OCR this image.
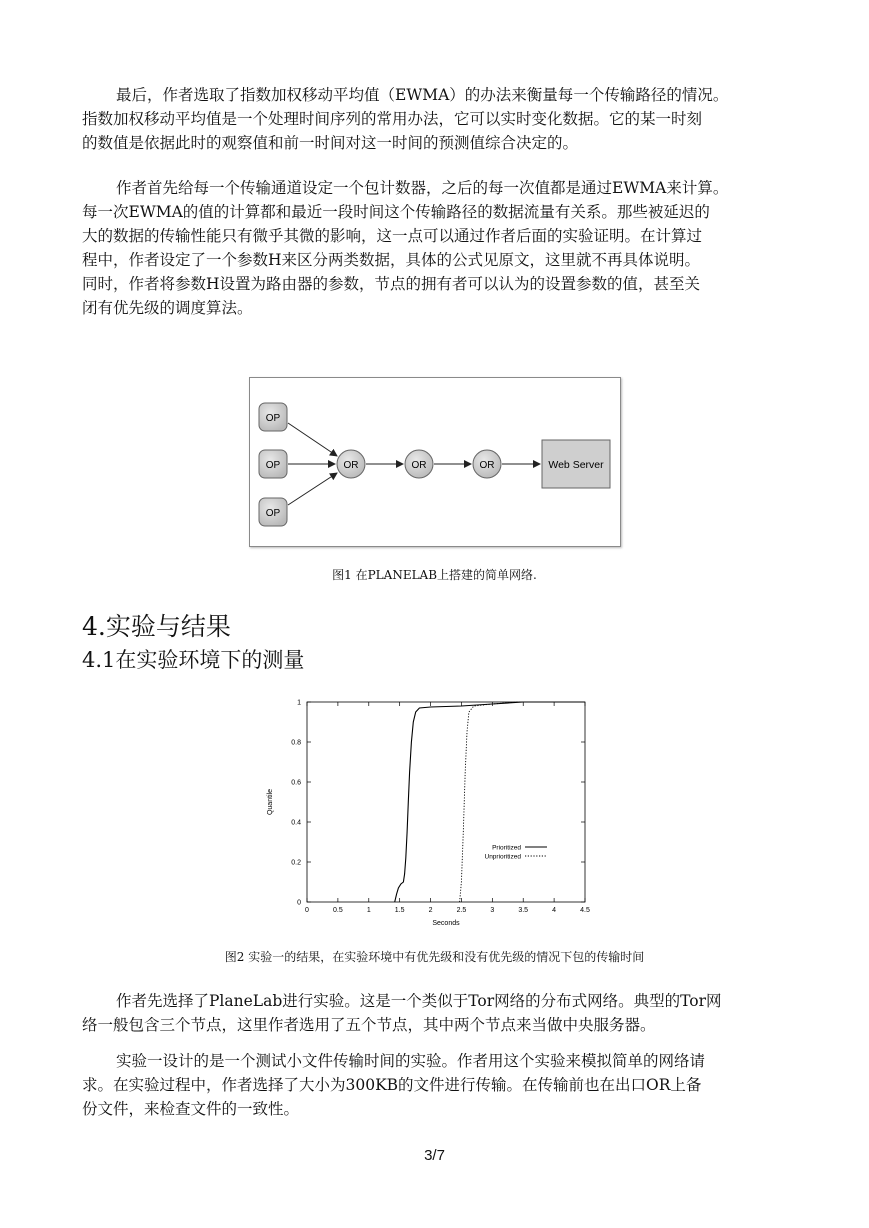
最后，作者选取了指数加权移动平均值（EWMA）的办法来衡量每一个传输路径的情况。
指数加权移动平均值是一个处理时间序列的常用办法，它可以实时变化数据。它的某一时刻
的数值是依据此时的观察值和前一时间对这一时间的预测值综合决定的。
作者首先给每一个传输通道设定一个包计数器，之后的每一次值都是通过EWMA来计算。
每一次EWMA的值的计算都和最近一段时间这个传输路径的数据流量有关系。那些被延迟的
大的数据的传输性能只有微乎其微的影响，这一点可以通过作者后面的实验证明。在计算过
程中，作者设定了一个参数H来区分两类数据，具体的公式见原文，这里就不再具体说明。
同时，作者将参数H设置为路由器的参数，节点的拥有者可以认为的设置参数的值，甚至关
闭有优先级的调度算法。
OP
OP
OP
OR	OR	OR	Web Server
图1 在PLANELAB上搭建的简单网络.
4.实验与结果
4.1在实验环境下的测量
0	0.5	1	1.5	2	2.5	3	3.5	4	4.5
0
0.2
0.4
0.6
0.8
1
Prioritized
Unprioritized
Seconds
Quantile
图2 实验一的结果，在实验环境中有优先级和没有优先级的情况下包的传输时间
作者先选择了PlaneLab进行实验。这是一个类似于Tor网络的分布式网络。典型的Tor网
络一般包含三个节点，这里作者选用了五个节点，其中两个节点来当做中央服务器。
实验一设计的是一个测试小文件传输时间的实验。作者用这个实验来模拟简单的网络请
求。在实验过程中，作者选择了大小为300KB的文件进行传输。在传输前也在出口OR上备
份文件，来检查文件的一致性。
3/7
